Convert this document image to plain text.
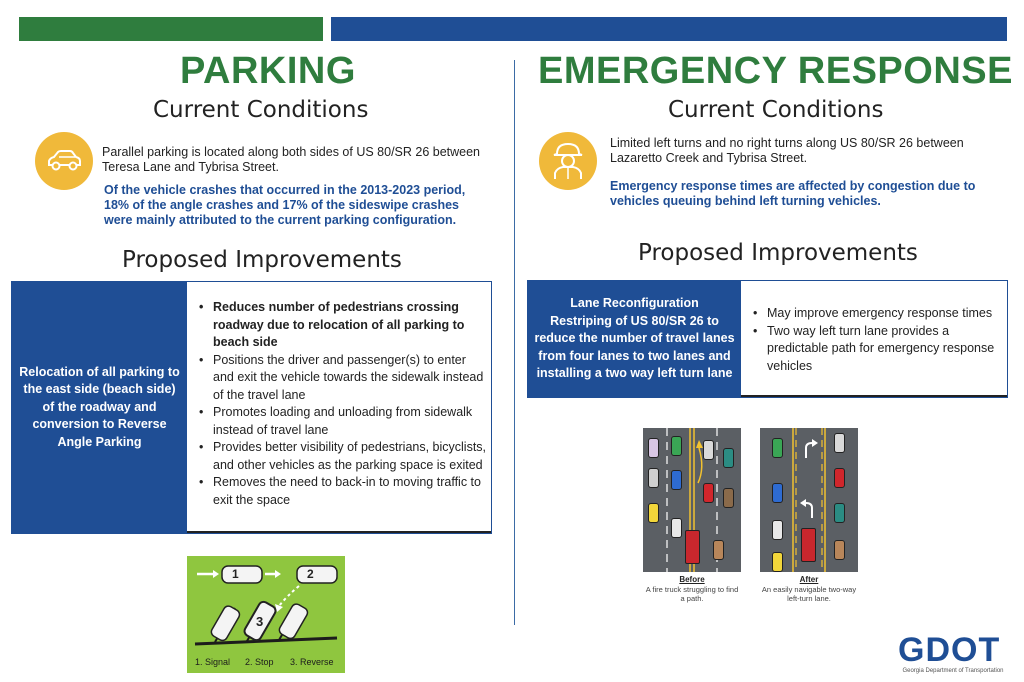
PARKING
Current Conditions
Parallel parking is located along both sides of US 80/SR 26 between Teresa Lane and Tybrisa Street.
Of the vehicle crashes that occurred in the 2013-2023 period, 18% of the angle crashes and 17% of the sideswipe crashes were mainly attributed to the current parking configuration.
Proposed Improvements
Relocation of all parking to the east side (beach side) of the roadway and conversion to Reverse Angle Parking
• Reduces number of pedestrians crossing roadway due to relocation of all parking to beach side
• Positions the driver and passenger(s) to enter and exit the vehicle towards the sidewalk instead of the travel lane
• Promotes loading and unloading from sidewalk instead of travel lane
• Provides better visibility of pedestrians, bicyclists, and other vehicles as the parking space is exited
• Removes the need to back-in to moving traffic to exit the space
1	2
3
1. Signal 2. Stop 3. Reverse
EMERGENCY RESPONSE
Current Conditions
Limited left turns and no right turns along US 80/SR 26 between Lazaretto Creek and Tybrisa Street.
Emergency response times are affected by congestion due to vehicles queuing behind left turning vehicles.
Proposed Improvements
Lane Reconfiguration
Restriping of US 80/SR 26 to reduce the number of travel lanes from four lanes to two lanes and installing a two way left turn lane
• May improve emergency response times
• Two way left turn lane provides a predictable path for emergency response vehicles
Before
A fire truck struggling to find a path.
After
An easily navigable two-way left-turn lane.
GDOT
Georgia Department of Transportation
